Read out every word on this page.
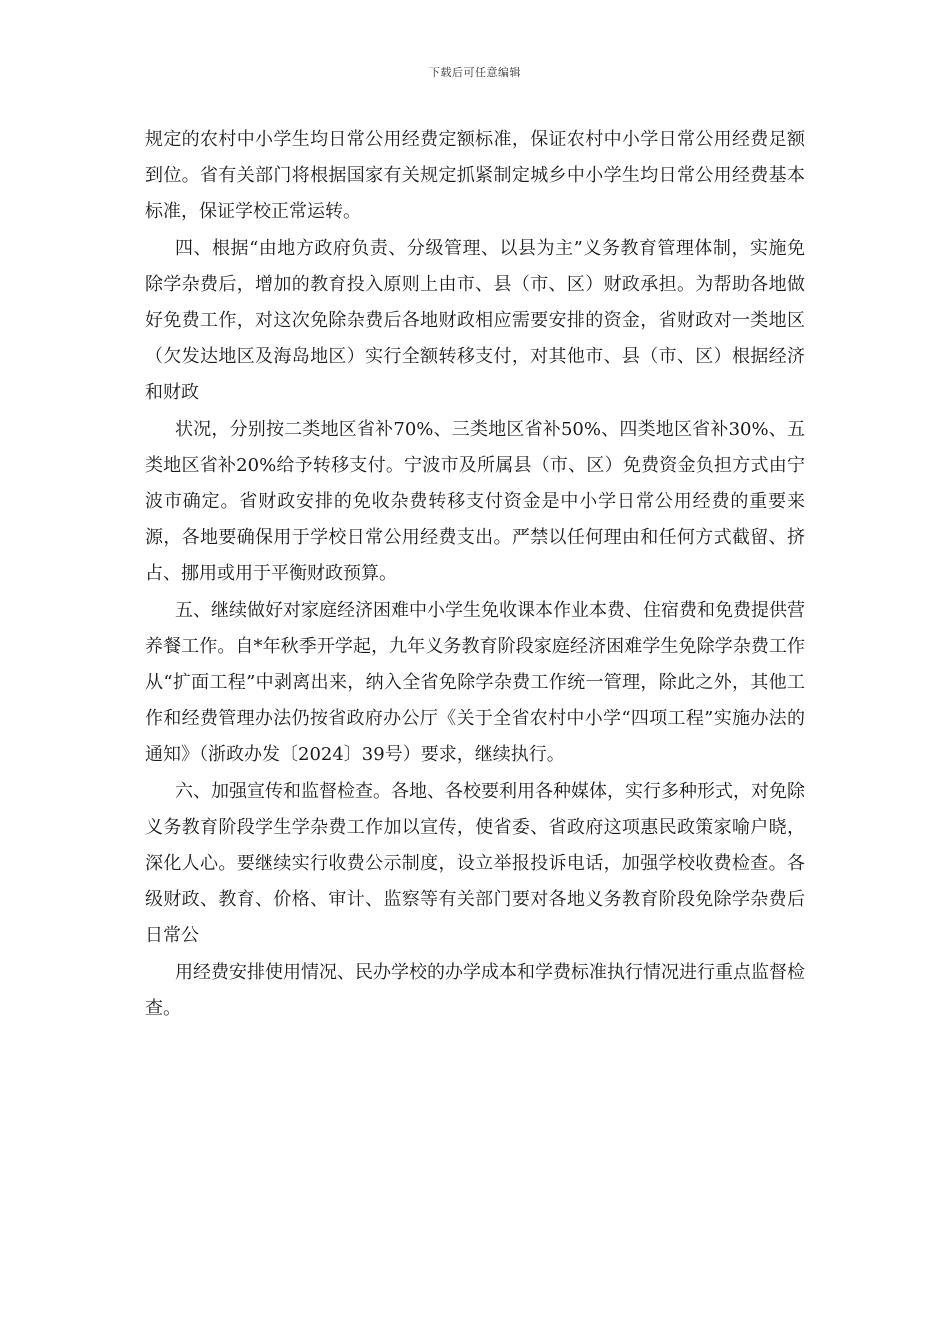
下载后可任意编辑

规定的农村中小学生均日常公用经费定额标准，保证农村中小学日常公用经费足额到位。省有关部门将根据国家有关规定抓紧制定城乡中小学生均日常公用经费基本标准，保证学校正常运转。

四、根据“由地方政府负责、分级管理、以县为主”义务教育管理体制，实施免除学杂费后，增加的教育投入原则上由市、县（市、区）财政承担。为帮助各地做好免费工作，对这次免除杂费后各地财政相应需要安排的资金，省财政对一类地区（欠发达地区及海岛地区）实行全额转移支付，对其他市、县（市、区）根据经济和财政

状况，分别按二类地区省补70%、三类地区省补50%、四类地区省补30%、五类地区省补20%给予转移支付。宁波市及所属县（市、区）免费资金负担方式由宁波市确定。省财政安排的免收杂费转移支付资金是中小学日常公用经费的重要来源，各地要确保用于学校日常公用经费支出。严禁以任何理由和任何方式截留、挤占、挪用或用于平衡财政预算。

五、继续做好对家庭经济困难中小学生免收课本作业本费、住宿费和免费提供营养餐工作。自*年秋季开学起，九年义务教育阶段家庭经济困难学生免除学杂费工作从“扩面工程”中剥离出来，纳入全省免除学杂费工作统一管理，除此之外，其他工作和经费管理办法仍按省政府办公厅《关于全省农村中小学“四项工程”实施办法的通知》（浙政办发〔2024〕39号）要求，继续执行。

六、加强宣传和监督检查。各地、各校要利用各种媒体，实行多种形式，对免除义务教育阶段学生学杂费工作加以宣传，使省委、省政府这项惠民政策家喻户晓，深化人心。要继续实行收费公示制度，设立举报投诉电话，加强学校收费检查。各级财政、教育、价格、审计、监察等有关部门要对各地义务教育阶段免除学杂费后日常公

用经费安排使用情况、民办学校的办学成本和学费标准执行情况进行重点监督检查。
